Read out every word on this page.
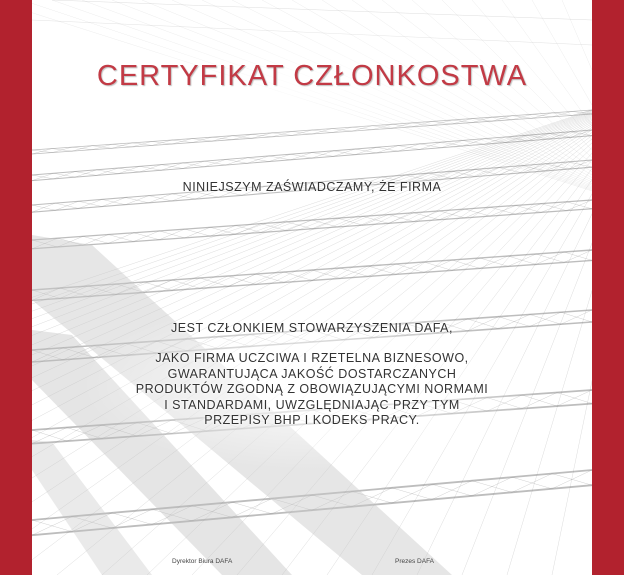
CERTYFIKAT CZŁONKOSTWA
NINIEJSZYM ZAŚWIADCZAMY, ŻE FIRMA
JEST CZŁONKIEM STOWARZYSZENIA DAFA,
JAKO FIRMA UCZCIWA I RZETELNA BIZNESOWO,
GWARANTUJĄCA JAKOŚĆ DOSTARCZANYCH
PRODUKTÓW ZGODNĄ Z OBOWIĄZUJĄCYMI NORMAMI
I STANDARDAMI, UWZGLĘDNIAJĄC PRZY TYM
PRZEPISY BHP I KODEKS PRACY.
Dyrektor Biura DAFA	Prezes DAFA
